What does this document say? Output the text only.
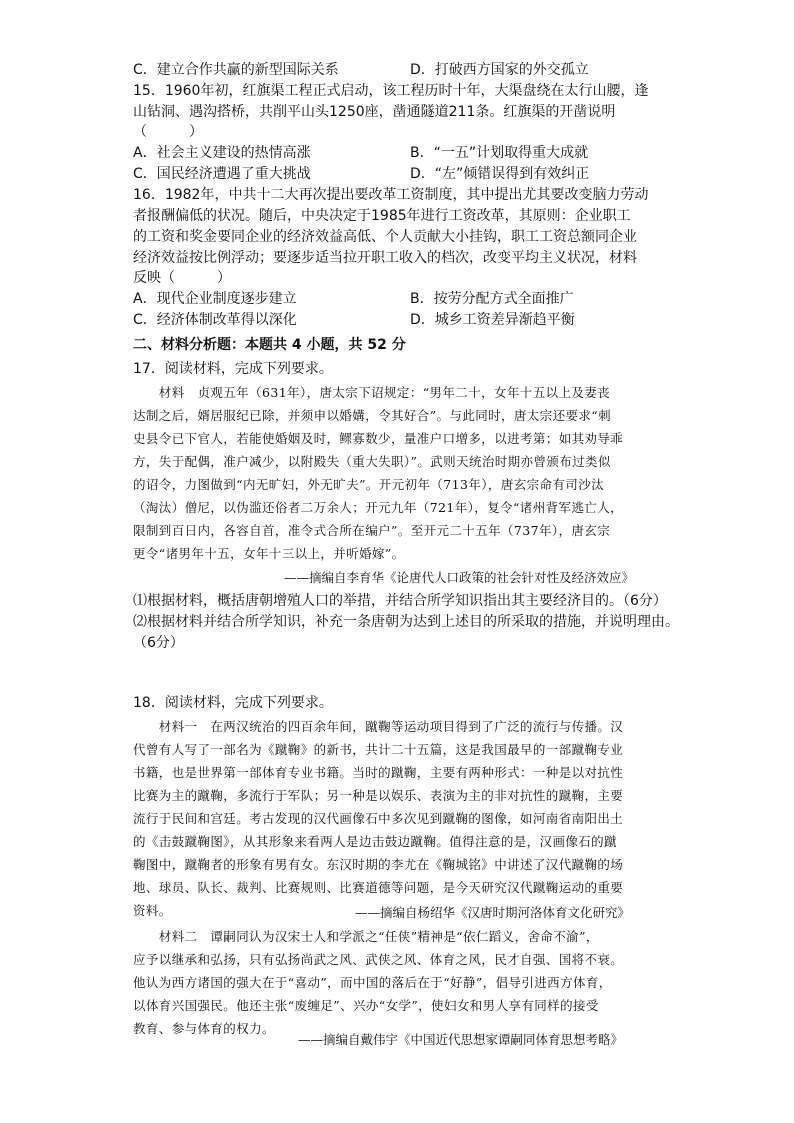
C．建立合作共赢的新型国际关系	D．打破西方国家的外交孤立
15．1960年初，红旗渠工程正式启动，该工程历时十年，大渠盘绕在太行山腰，逢
山钻洞、遇沟搭桥，共削平山头1250座，凿通隧道211条。红旗渠的开凿说明
（　　　）
A．社会主义建设的热情高涨	B．“一五”计划取得重大成就
C．国民经济遭遇了重大挑战	D．“左”倾错误得到有效纠正
16．1982年，中共十二大再次提出要改革工资制度，其中提出尤其要改变脑力劳动
者报酬偏低的状况。随后，中央决定于1985年进行工资改革，其原则：企业职工
的工资和奖金要同企业的经济效益高低、个人贡献大小挂钩，职工工资总额同企业
经济效益按比例浮动；要逐步适当拉开职工收入的档次，改变平均主义状况，材料
反映（　　　）
A．现代企业制度逐步建立	B．按劳分配方式全面推广
C．经济体制改革得以深化	D．城乡工资差异渐趋平衡
二、材料分析题：本题共 4 小题，共 52 分
17．阅读材料，完成下列要求。
　　材料　贞观五年（631年），唐太宗下诏规定：“男年二十，女年十五以上及妻丧
达制之后，婿居服纪已除，并须申以婚媾，令其好合”。与此同时，唐太宗还要求“刺
史县令已下官人，若能使婚姻及时，鳏寡数少，量准户口增多，以进考第；如其劝导乖
方，失于配偶，准户减少，以附殿失（重大失职）”。武则天统治时期亦曾颁布过类似
的诏令，力图做到“内无旷妇，外无旷夫”。开元初年（713年），唐玄宗命有司沙汰
（淘汰）僧尼，以伪滥还俗者二万余人；开元九年（721年），复令“诸州背军逃亡人，
限制到百日内，各容自首，准令式合所在编户”。至开元二十五年（737年），唐玄宗
更令“诸男年十五，女年十三以上，并听婚嫁”。
——摘编自李育华《论唐代人口政策的社会针对性及经济效应》
⑴根据材料，概括唐朝增殖人口的举措，并结合所学知识指出其主要经济目的。（6分）
⑵根据材料并结合所学知识，补充一条唐朝为达到上述目的所采取的措施，并说明理由。
（6分）
18．阅读材料，完成下列要求。
　　材料一　在两汉统治的四百余年间，蹴鞠等运动项目得到了广泛的流行与传播。汉
代曾有人写了一部名为《蹴鞠》的新书，共计二十五篇，这是我国最早的一部蹴鞠专业
书籍，也是世界第一部体育专业书籍。当时的蹴鞠，主要有两种形式：一种是以对抗性
比赛为主的蹴鞠，多流行于军队；另一种是以娱乐、表演为主的非对抗性的蹴鞠，主要
流行于民间和宫廷。考古发现的汉代画像石中多次见到蹴鞠的图像，如河南省南阳出土
的《击鼓蹴鞠图》，从其形象来看两人是边击鼓边蹴鞠。值得注意的是，汉画像石的蹴
鞠图中，蹴鞠者的形象有男有女。东汉时期的李尤在《鞠城铭》中讲述了汉代蹴鞠的场
地、球员、队长、裁判、比赛规则、比赛道德等问题，是今天研究汉代蹴鞠运动的重要
资料。	——摘编自杨绍华《汉唐时期河洛体育文化研究》
　　材料二　谭嗣同认为汉宋士人和学派之“任侠”精神是“依仁蹈义，舍命不渝”，
应予以继承和弘扬，只有弘扬尚武之风、武侠之风、体育之风，民才自强、国将不衰。
他认为西方诸国的强大在于“喜动”，而中国的落后在于“好静”，倡导引进西方体育，
以体育兴国强民。他还主张“废缠足”、兴办“女学”，使妇女和男人享有同样的接受
教育、参与体育的权力。
——摘编自戴伟宇《中国近代思想家谭嗣同体育思想考略》
